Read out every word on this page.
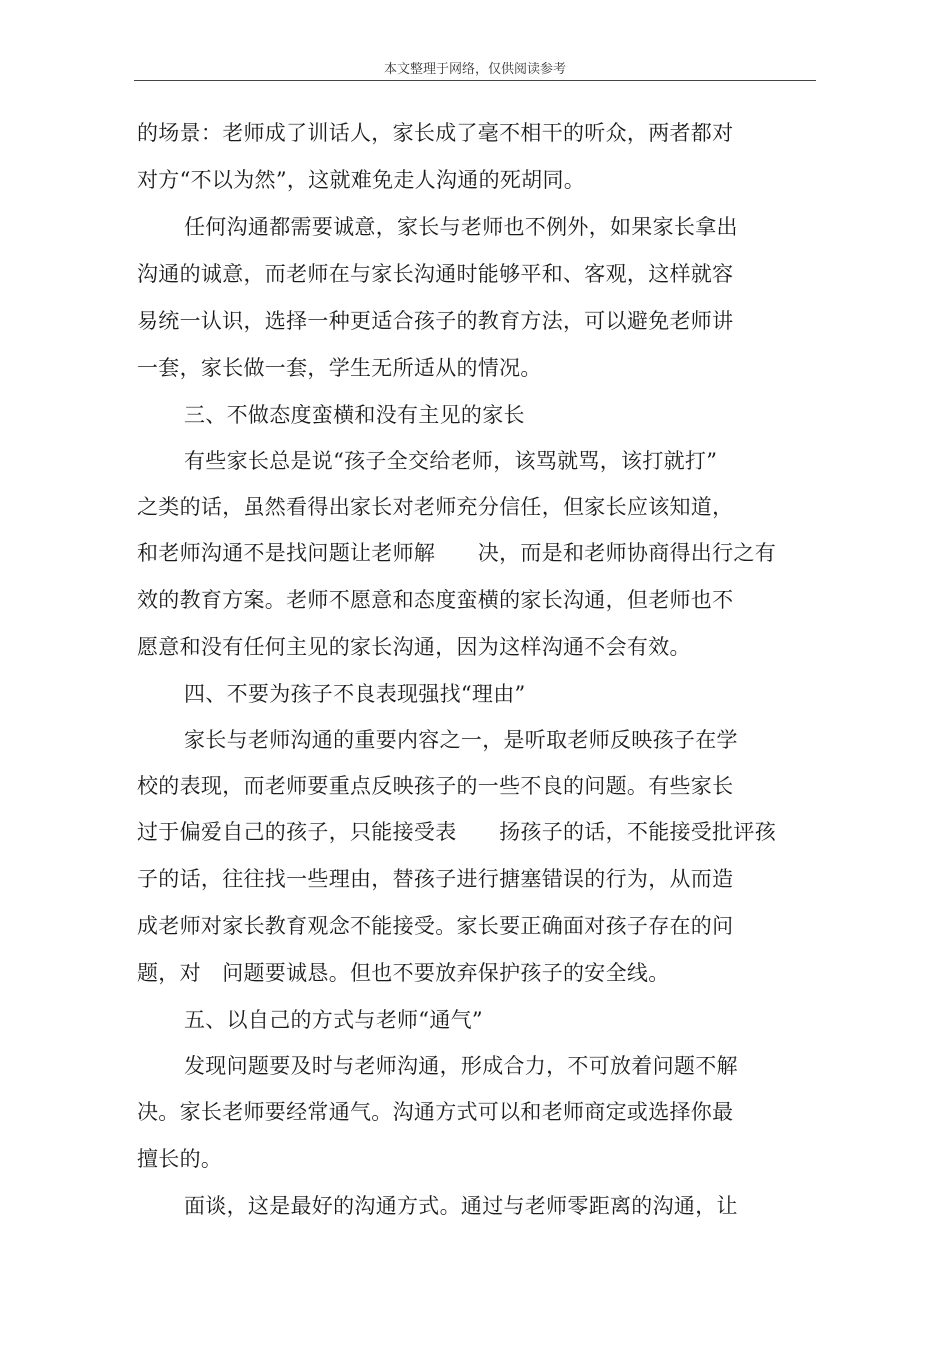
本文整理于网络，仅供阅读参考
的场景：老师成了训话人，家长成了毫不相干的听众，两者都对
对方“不以为然”，这就难免走人沟通的死胡同。
任何沟通都需要诚意，家长与老师也不例外，如果家长拿出
沟通的诚意，而老师在与家长沟通时能够平和、客观，这样就容
易统一认识，选择一种更适合孩子的教育方法，可以避免老师讲
一套，家长做一套，学生无所适从的情况。
三、不做态度蛮横和没有主见的家长
有些家长总是说“孩子全交给老师，该骂就骂，该打就打”
之类的话，虽然看得出家长对老师充分信任，但家长应该知道，
和老师沟通不是找问题让老师解　　决，而是和老师协商得出行之有
效的教育方案。老师不愿意和态度蛮横的家长沟通，但老师也不
愿意和没有任何主见的家长沟通，因为这样沟通不会有效。
四、不要为孩子不良表现强找“理由”
家长与老师沟通的重要内容之一，是听取老师反映孩子在学
校的表现，而老师要重点反映孩子的一些不良的问题。有些家长
过于偏爱自己的孩子，只能接受表　　扬孩子的话，不能接受批评孩
子的话，往往找一些理由，替孩子进行搪塞错误的行为，从而造
成老师对家长教育观念不能接受。家长要正确面对孩子存在的问
题，对　问题要诚恳。但也不要放弃保护孩子的安全线。
五、以自己的方式与老师“通气”
发现问题要及时与老师沟通，形成合力，不可放着问题不解
决。家长老师要经常通气。沟通方式可以和老师商定或选择你最
擅长的。
面谈，这是最好的沟通方式。通过与老师零距离的沟通，让
